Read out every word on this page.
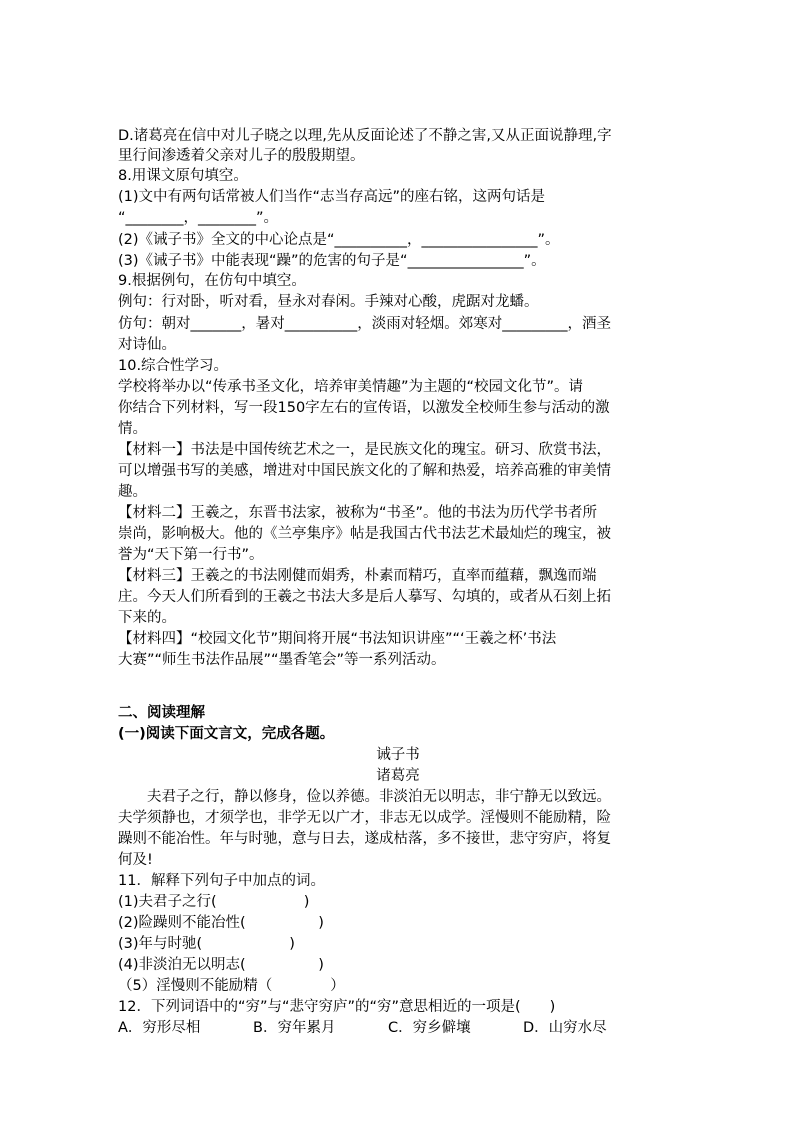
D.诸葛亮在信中对儿子晓之以理,先从反面论述了不静之害,又从正面说静理,字
里行间渗透着父亲对儿子的殷殷期望。
8.用课文原句填空。
(1)文中有两句话常被人们当作“志当存高远”的座右铭，这两句话是
“________，________”。
(2)《诫子书》全文的中心论点是“__________，________________”。
(3)《诫子书》中能表现“躁”的危害的句子是“________________”。
9.根据例句，在仿句中填空。
例句：行对卧，听对看，昼永对春闲。手辣对心酸，虎踞对龙蟠。
仿句：朝对_______，暑对__________，淡雨对轻烟。郊寒对_________，酒圣
对诗仙。
10.综合性学习。
学校将举办以“传承书圣文化，培养审美情趣”为主题的“校园文化节”。请
你结合下列材料，写一段150字左右的宣传语，以激发全校师生参与活动的激
情。
【材料一】书法是中国传统艺术之一，是民族文化的瑰宝。研习、欣赏书法，
可以增强书写的美感，增进对中国民族文化的了解和热爱，培养高雅的审美情
趣。
【材料二】王羲之，东晋书法家，被称为“书圣”。他的书法为历代学书者所
崇尚，影响极大。他的《兰亭集序》帖是我国古代书法艺术最灿烂的瑰宝，被
誉为“天下第一行书”。
【材料三】王羲之的书法刚健而娟秀，朴素而精巧，直率而蕴藉，飘逸而端
庄。今天人们所看到的王羲之书法大多是后人摹写、勾填的，或者从石刻上拓
下来的。
【材料四】“校园文化节”期间将开展“书法知识讲座”“‘王羲之杯’书法
大赛”“师生书法作品展”“墨香笔会”等一系列活动。
二、阅读理解
(一)阅读下面文言文，完成各题。
诫子书
诸葛亮
夫君子之行，静以修身，俭以养德。非淡泊无以明志，非宁静无以致远。
夫学须静也，才须学也，非学无以广才，非志无以成学。淫慢则不能励精，险
躁则不能冶性。年与时驰，意与日去，遂成枯落，多不接世，悲守穷庐，将复
何及!
11．解释下列句子中加点的词。
(1)夫君子之行(　　　　　　)
(2)险躁则不能冶性(　　　　　)
(3)年与时驰(　　　　　　)
(4)非淡泊无以明志(　　　　　)
（5）淫慢则不能励精（　　　　）
12．下列词语中的“穷”与“悲守穷庐”的“穷”意思相近的一项是(　　)
A．穷形尽相	B．穷年累月	C．穷乡僻壤	D．山穷水尽
